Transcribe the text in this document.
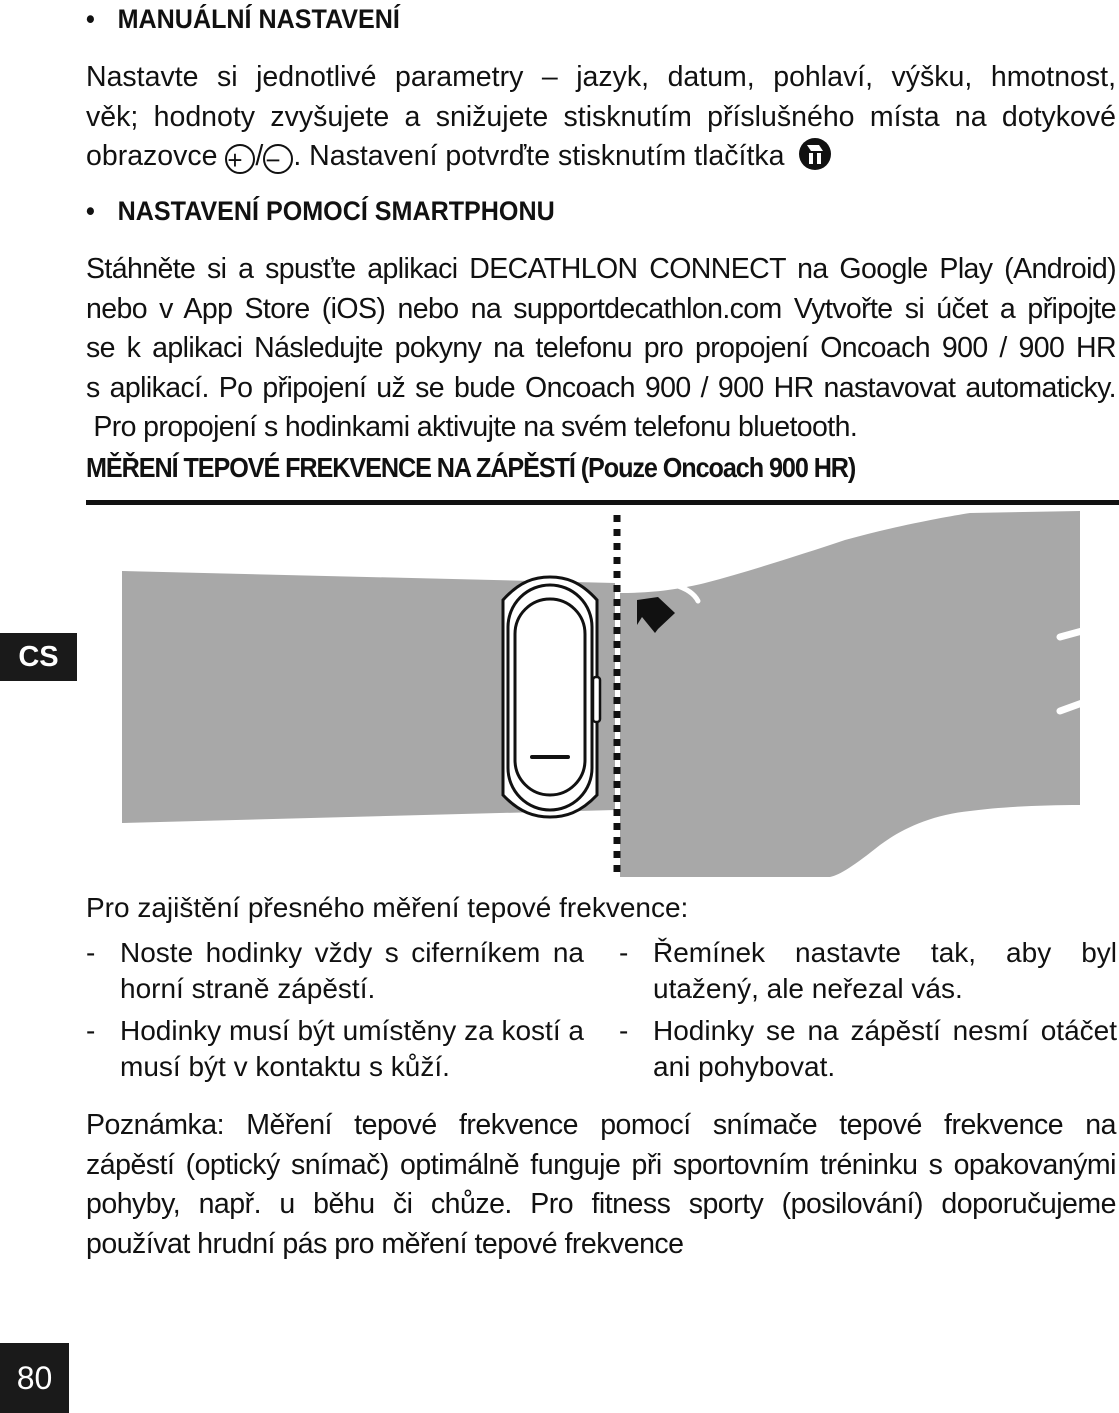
• MANUÁLNÍ NASTAVENÍ
Nastavte si jednotlivé parametry – jazyk, datum, pohlaví, výšku, hmotnost,
věk; hodnoty zvyšujete a snižujete stisknutím příslušného místa na dotykové
obrazovce + /− . Nastavení potvrďte stisknutím tlačítka
• NASTAVENÍ POMOCÍ SMARTPHONU
Stáhněte si a spusťte aplikaci DECATHLON CONNECT na Google Play (Android)
nebo v App Store (iOS) nebo na supportdecathlon.com Vytvořte si účet a připojte
se k aplikaci Následujte pokyny na telefonu pro propojení Oncoach 900 / 900 HR
s aplikací. Po připojení už se bude Oncoach 900 / 900 HR nastavovat automaticky.
Pro propojení s hodinkami aktivujte na svém telefonu bluetooth.
MĚŘENÍ TEPOVÉ FREKVENCE NA ZÁPĚSTÍ (Pouze Oncoach 900 HR)
CS
Pro zajištění přesného měření tepové frekvence:
- Noste hodinky vždy s ciferníkem na horní straně zápěstí.
- Hodinky musí být umístěny za kostí a musí být v kontaktu s kůží.
- Řemínek nastavte tak, aby byl utažený, ale neřezal vás.
- Hodinky se na zápěstí nesmí otáčet ani pohybovat.
Poznámka: Měření tepové frekvence pomocí snímače tepové frekvence na
zápěstí (optický snímač) optimálně funguje při sportovním tréninku s opakovanými
pohyby, např. u běhu či chůze. Pro fitness sporty (posilování) doporučujeme
používat hrudní pás pro měření tepové frekvence
80
